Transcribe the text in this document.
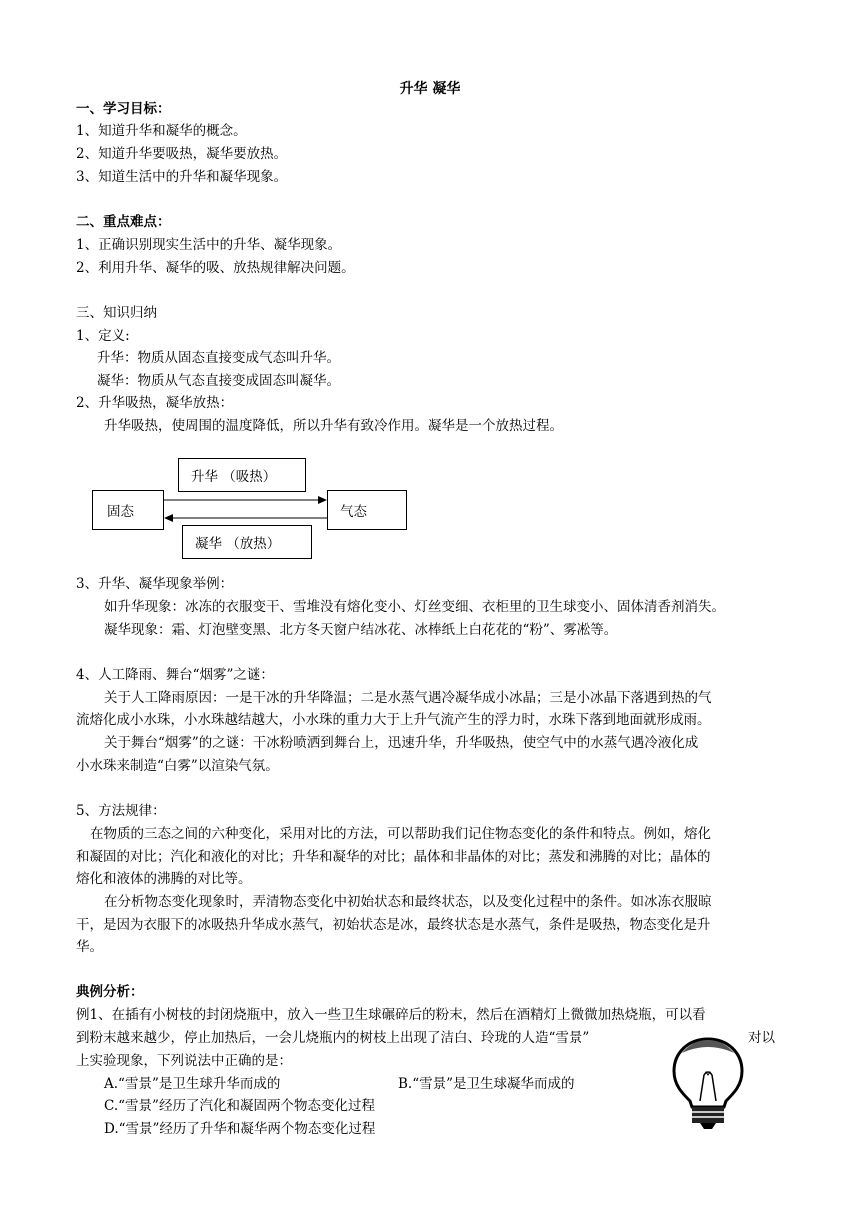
升华 凝华
一、学习目标：
1、知道升华和凝华的概念。
2、知道升华要吸热，凝华要放热。
3、知道生活中的升华和凝华现象。
二、重点难点：
1、正确识别现实生活中的升华、凝华现象。
2、利用升华、凝华的吸、放热规律解决问题。
三、知识归纳
1、定义:
升华：物质从固态直接变成气态叫升华。
凝华：物质从气态直接变成固态叫凝华。
2、升华吸热，凝华放热：
升华吸热，使周围的温度降低，所以升华有致冷作用。凝华是一个放热过程。
升华 （吸热）
固态	气态
凝华 （放热）
3、升华、凝华现象举例：
如升华现象：冰冻的衣服变干、雪堆没有熔化变小、灯丝变细、衣柜里的卫生球变小、固体清香剂消失。
凝华现象：霜、灯泡壁变黑、北方冬天窗户结冰花、冰棒纸上白花花的“粉”、雾凇等。
4、人工降雨、舞台“烟雾”之谜：
关于人工降雨原因：一是干冰的升华降温；二是水蒸气遇冷凝华成小冰晶；三是小冰晶下落遇到热的气
流熔化成小水珠，小水珠越结越大，小水珠的重力大于上升气流产生的浮力时，水珠下落到地面就形成雨。
关于舞台“烟雾”的之谜：干冰粉喷洒到舞台上，迅速升华，升华吸热，使空气中的水蒸气遇冷液化成
小水珠来制造“白雾”以渲染气氛。
5、方法规律：
在物质的三态之间的六种变化，采用对比的方法，可以帮助我们记住物态变化的条件和特点。例如，熔化
和凝固的对比；汽化和液化的对比；升华和凝华的对比；晶体和非晶体的对比；蒸发和沸腾的对比；晶体的
熔化和液体的沸腾的对比等。
在分析物态变化现象时，弄清物态变化中初始状态和最终状态，以及变化过程中的条件。如冰冻衣服晾
干，是因为衣服下的冰吸热升华成水蒸气，初始状态是冰，最终状态是水蒸气，条件是吸热，物态变化是升
华。
典例分析：
例1、在插有小树枝的封闭烧瓶中，放入一些卫生球碾碎后的粉末，然后在酒精灯上微微加热烧瓶，可以看
到粉末越来越少，停止加热后，一会儿烧瓶内的树枝上出现了洁白、玲珑的人造“雪景”	对以
上实验现象，下列说法中正确的是：
A.“雪景”是卫生球升华而成的	B.“雪景”是卫生球凝华而成的
C.“雪景”经历了汽化和凝固两个物态变化过程
D.“雪景”经历了升华和凝华两个物态变化过程
